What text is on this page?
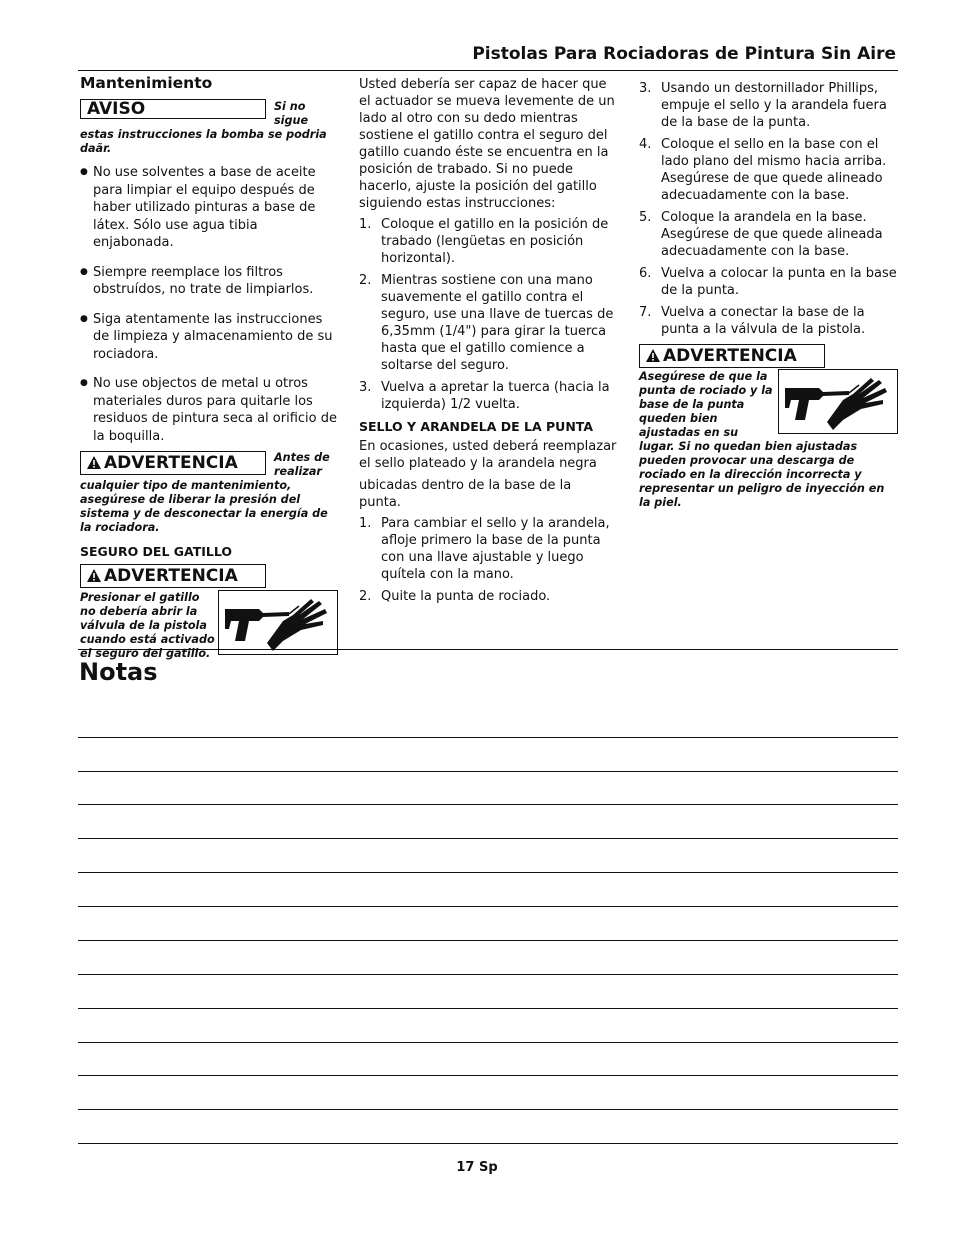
Pistolas Para Rociadoras de Pintura Sin Aire
Mantenimiento
AVISO	Si no sigue
estas instrucciones la bomba se podria daãr.
● No use solventes a base de aceite para limpiar el equipo después de haber utilizado pinturas a base de látex. Sólo use agua tibia enjabonada.
● Siempre reemplace los filtros obstruídos, no trate de limpiarlos.
● Siga atentamente las instrucciones de limpieza y almacenamiento de su rociadora.
● No use objectos de metal u otros materiales duros para quitarle los residuos de pintura seca al orificio de la boquilla.
ADVERTENCIA	Antes de realizar
cualquier tipo de mantenimiento, asegúrese de liberar la presión del sistema y de desconectar la energía de la rociadora.
SEGURO DEL GATILLO
ADVERTENCIA
Presionar el gatillo no debería abrir la válvula de la pistola cuando está activado el seguro del gatillo.
Usted debería ser capaz de hacer que el actuador se mueva levemente de un lado al otro con su dedo mientras sostiene el gatillo contra el seguro del gatillo cuando éste se encuentra en la posición de trabado. Si no puede hacerlo, ajuste la posición del gatillo siguiendo estas instrucciones:
1. Coloque el gatillo en la posición de trabado (lengüetas en posición horizontal).
2. Mientras sostiene con una mano suavemente el gatillo contra el seguro, use una llave de tuercas de 6,35mm (1/4") para girar la tuerca hasta que el gatillo comience a soltarse del seguro.
3. Vuelva a apretar la tuerca (hacia la izquierda) 1/2 vuelta.
SELLO Y ARANDELA DE LA PUNTA
En ocasiones, usted deberá reemplazar el sello plateado y la arandela negra
ubicadas dentro de la base de la punta.
1. Para cambiar el sello y la arandela, afloje primero la base de la punta con una llave ajustable y luego quítela con la mano.
2. Quite la punta de rociado.
3. Usando un destornillador Phillips, empuje el sello y la arandela fuera de la base de la punta.
4. Coloque el sello en la base con el lado plano del mismo hacia arriba. Asegúrese de que quede alineado adecuadamente con la base.
5. Coloque la arandela en la base. Asegúrese de que quede alineada adecuadamente con la base.
6. Vuelva a colocar la punta en la base de la punta.
7. Vuelva a conectar la base de la punta a la válvula de la pistola.
ADVERTENCIA
Asegúrese de que la punta de rociado y la base de la punta queden bien ajustadas en su
lugar. Si no quedan bien ajustadas pueden provocar una descarga de rociado en la dirección incorrecta y representar un peligro de inyección en la piel.
Notas
17 Sp
